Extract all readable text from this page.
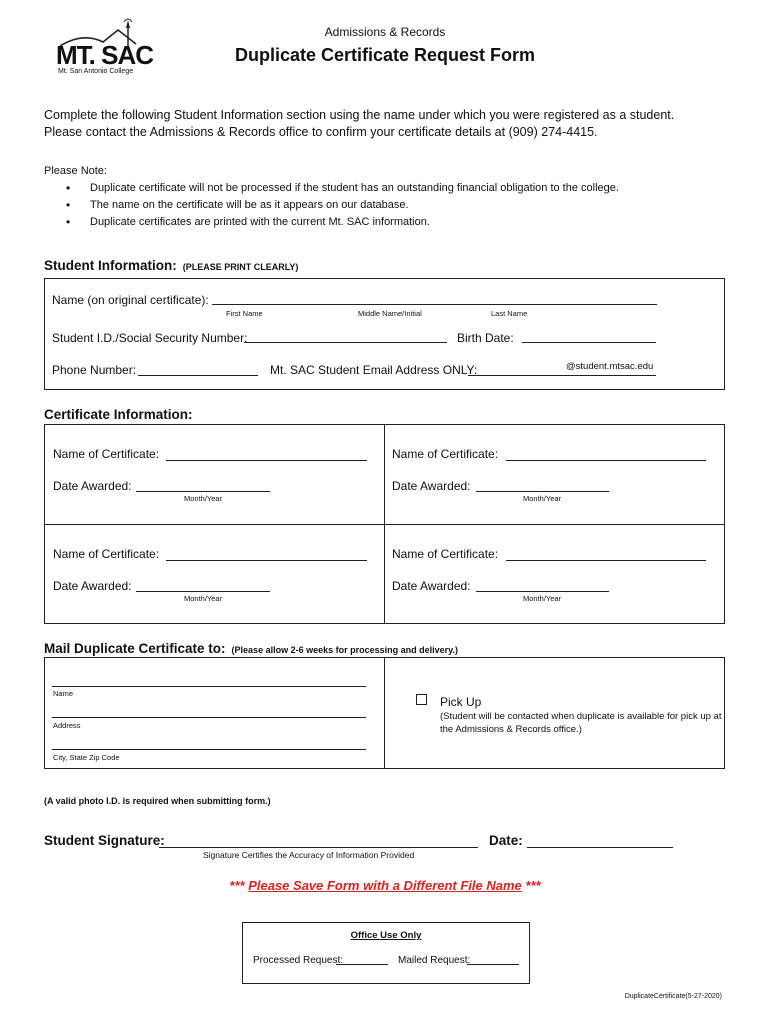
MT. SAC
Mt. San Antonio College
Admissions & Records
Duplicate Certificate Request Form
Complete the following Student Information section using the name under which you were registered as a student.
Please contact the Admissions & Records office to confirm your certificate details at (909) 274-4415.
Please Note:
• Duplicate certificate will not be processed if the student has an outstanding financial obligation to the college.
• The name on the certificate will be as it appears on our database.
• Duplicate certificates are printed with the current Mt. SAC information.
Student Information: (PLEASE PRINT CLEARLY)
Name (on original certificate):
First Name	Middle Name/Initial	Last Name
Student I.D./Social Security Number:	Birth Date:
Phone Number:	Mt. SAC Student Email Address ONLY:	@student.mtsac.edu
Certificate Information:
Name of Certificate:
Date Awarded:
Month/Year
Name of Certificate:
Date Awarded:
Month/Year
Name of Certificate:
Date Awarded:
Month/Year
Name of Certificate:
Date Awarded:
Month/Year
Mail Duplicate Certificate to: (Please allow 2-6 weeks for processing and delivery.)
Name
Address
City, State Zip Code
Pick Up
(Student will be contacted when duplicate is available for pick up at
the Admissions & Records office.)
(A valid photo I.D. is required when submitting form.)
Student Signature:	Date:
Signature Certifies the Accuracy of Information Provided
*** Please Save Form with a Different File Name ***
Office Use Only
Processed Request:	Mailed Request:
DuplicateCertificate(5-27-2020)
